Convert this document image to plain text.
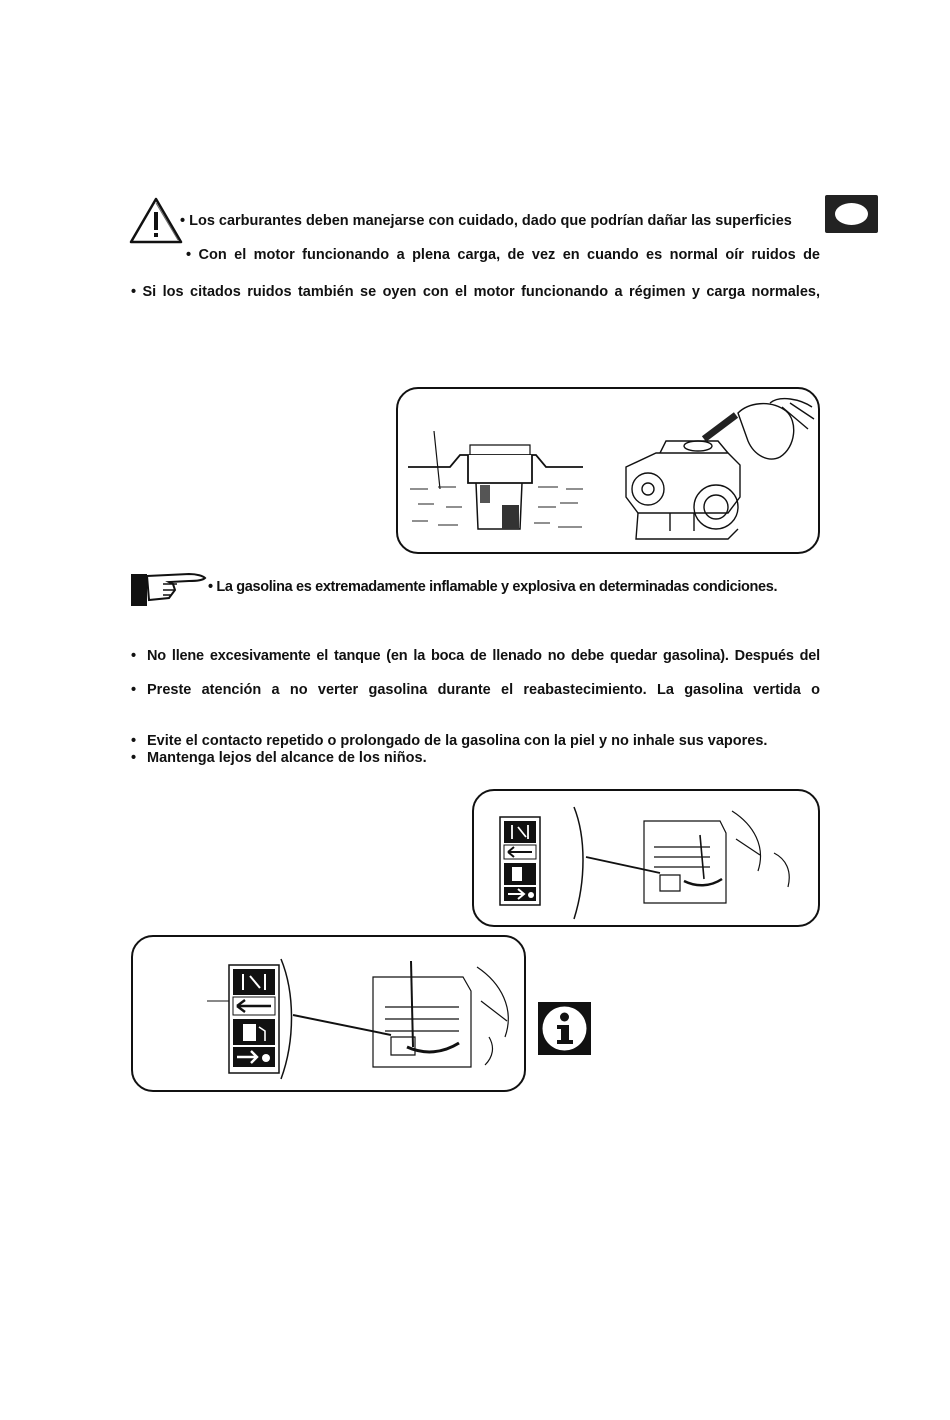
• Los carburantes deben manejarse con cuidado, dado que podrían dañar las superficies
• Con el motor funcionando a plena carga, de vez en cuando es normal oír ruidos de
• Si los citados ruidos también se oyen con el motor funcionando a régimen y carga normales,
• La gasolina es extremadamente inflamable y explosiva en determinadas condiciones.
• No llene excesivamente el tanque (en la boca de llenado no debe quedar gasolina). Después del
• Preste atención a no verter gasolina durante el reabastecimiento. La gasolina vertida o
• Evite el contacto repetido o prolongado de la gasolina con la piel y no inhale sus vapores.
• Mantenga lejos del alcance de los niños.
